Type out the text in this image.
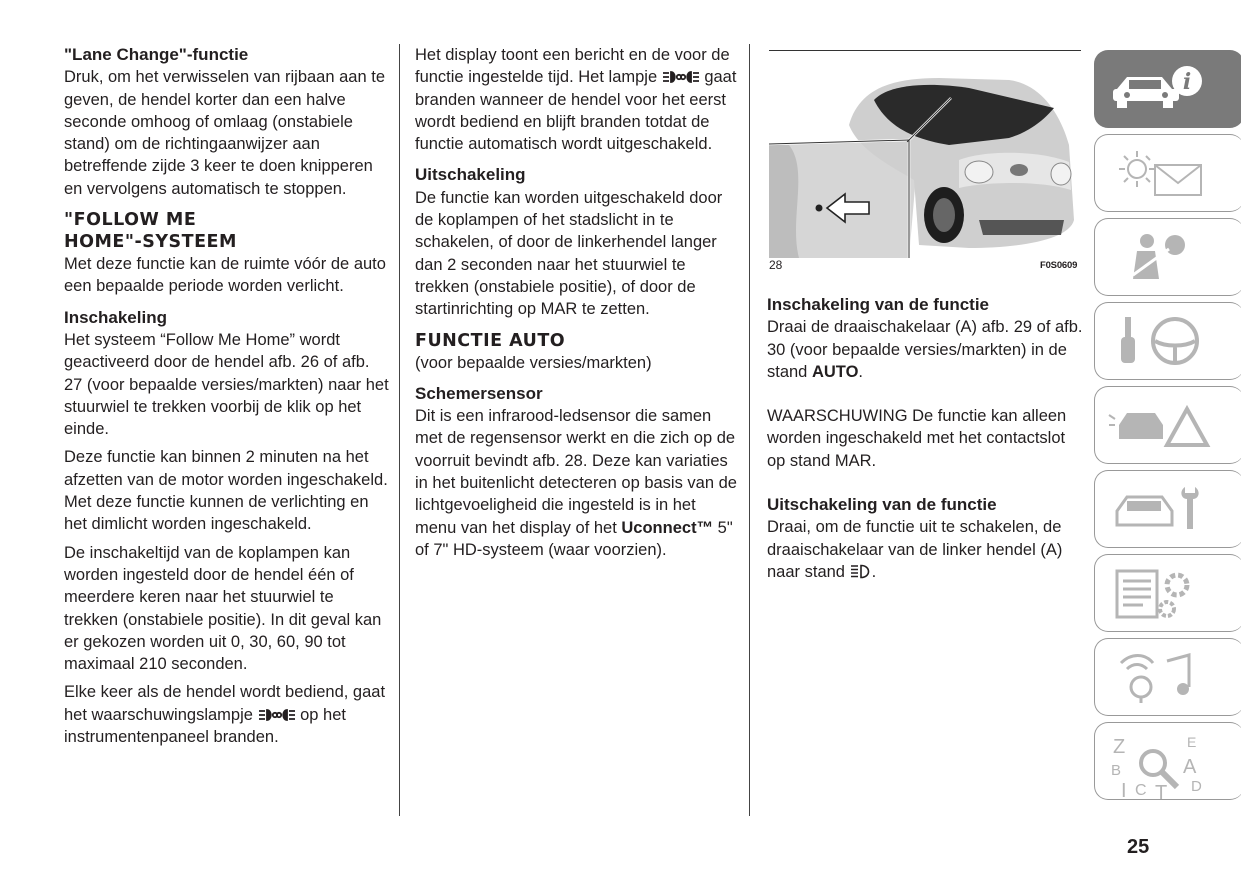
"Lane Change"-functie

Druk, om het verwisselen van rijbaan aan te geven, de hendel korter dan een halve seconde omhoog of omlaag (onstabiele stand) om de richtingaanwijzer aan betreffende zijde 3 keer te doen knipperen en vervolgens automatisch te stoppen.

"FOLLOW ME

HOME"-SYSTEEM

Met deze functie kan de ruimte vóór de auto een bepaalde periode worden verlicht.

Inschakeling

Het systeem “Follow Me Home” wordt geactiveerd door de hendel afb. 26 of afb. 27 (voor bepaalde versies/markten) naar het stuurwiel te trekken voorbij de klik op het einde.

Deze functie kan binnen 2 minuten na het afzetten van de motor worden ingeschakeld. Met deze functie kunnen de verlichting en het dimlicht worden ingeschakeld.

De inschakeltijd van de koplampen kan worden ingesteld door de hendel één of meerdere keren naar het stuurwiel te trekken (onstabiele positie). In dit geval kan er gekozen worden uit 0, 30, 60, 90 tot maximaal 210 seconden.

Elke keer als de hendel wordt bediend, gaat het waarschuwingslampje	op het instrumentenpaneel branden.

Het display toont een bericht en de voor de functie ingestelde tijd. Het lampje	gaat branden wanneer de hendel voor het eerst wordt bediend en blijft branden totdat de functie automatisch wordt uitgeschakeld.

Uitschakeling

De functie kan worden uitgeschakeld door de koplampen of het stadslicht in te schakelen, of door de linkerhendel langer dan 2 seconden naar het stuurwiel te trekken (onstabiele positie), of door de startinrichting op MAR te zetten.

FUNCTIE AUTO

(voor bepaalde versies/markten)

Schemersensor

Dit is een infrarood-ledsensor die samen met de regensensor werkt en die zich op de voorruit bevindt afb. 28. Deze kan variaties in het buitenlicht detecteren op basis van de lichtgevoeligheid die ingesteld is in het menu van het display of het Uconnect™ 5" of 7" HD-systeem (waar voorzien).

28	F0S0609

Inschakeling van de functie

Draai de draaischakelaar (A) afb. 29 of afb. 30 (voor bepaalde versies/markten) in de stand AUTO.

WAARSCHUWING De functie kan alleen worden ingeschakeld met het contactslot op stand MAR.

Uitschakeling van de functie

Draai, om de functie uit te schakelen, de draaischakelaar van de linker hendel (A) naar stand .

i
Z	E
B	A
I C T D
25
